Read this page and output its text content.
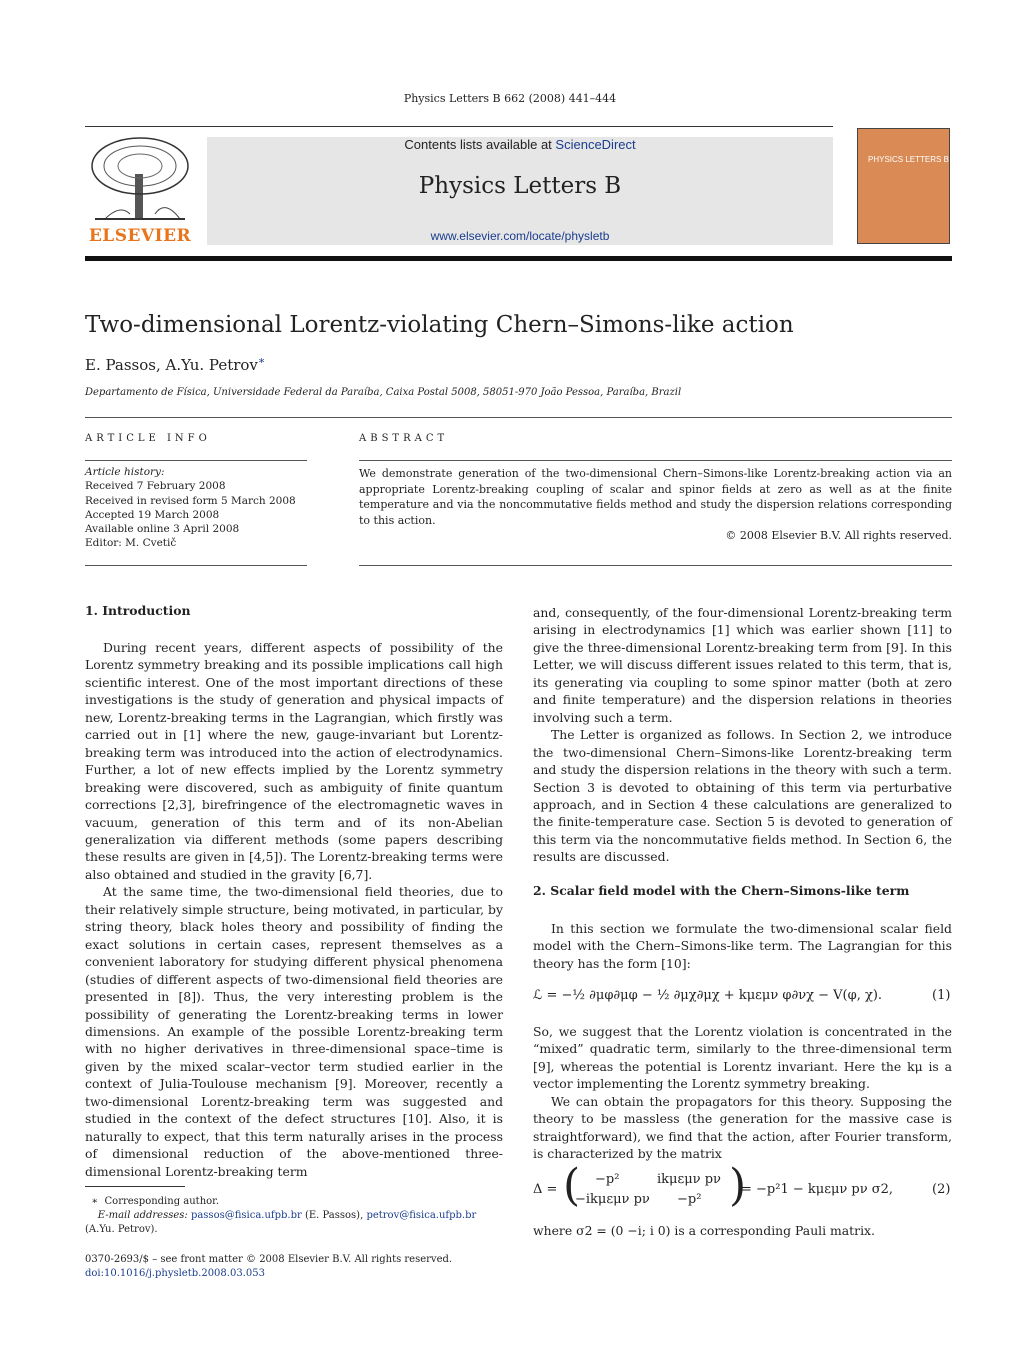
Physics Letters B 662 (2008) 441–444
ELSEVIER
Contents lists available at ScienceDirect
Physics Letters B
www.elsevier.com/locate/physletb
PHYSICS LETTERS B
Two-dimensional Lorentz-violating Chern–Simons-like action
E. Passos, A.Yu. Petrov∗
Departamento de Física, Universidade Federal da Paraíba, Caixa Postal 5008, 58051-970 João Pessoa, Paraíba, Brazil
ARTICLE INFO
Article history:
Received 7 February 2008
Received in revised form 5 March 2008
Accepted 19 March 2008
Available online 3 April 2008
Editor: M. Cvetič
ABSTRACT
We demonstrate generation of the two-dimensional Chern–Simons-like Lorentz-breaking action via an appropriate Lorentz-breaking coupling of scalar and spinor fields at zero as well as at the finite temperature and via the noncommutative fields method and study the dispersion relations corresponding to this action.
© 2008 Elsevier B.V. All rights reserved.
1. Introduction

During recent years, different aspects of possibility of the Lorentz symmetry breaking and its possible implications call high scientific interest. One of the most important directions of these investigations is the study of generation and physical impacts of new, Lorentz-breaking terms in the Lagrangian, which firstly was carried out in [1] where the new, gauge-invariant but Lorentz-breaking term was introduced into the action of electrodynamics. Further, a lot of new effects implied by the Lorentz symmetry breaking were discovered, such as ambiguity of finite quantum corrections [2,3], birefringence of the electromagnetic waves in vacuum, generation of this term and of its non-Abelian generalization via different methods (some papers describing these results are given in [4,5]). The Lorentz-breaking terms were also obtained and studied in the gravity [6,7].

At the same time, the two-dimensional field theories, due to their relatively simple structure, being motivated, in particular, by string theory, black holes theory and possibility of finding the exact solutions in certain cases, represent themselves as a convenient laboratory for studying different physical phenomena (studies of different aspects of two-dimensional field theories are presented in [8]). Thus, the very interesting problem is the possibility of generating the Lorentz-breaking terms in lower dimensions. An example of the possible Lorentz-breaking term with no higher derivatives in three-dimensional space–time is given by the mixed scalar–vector term studied earlier in the context of Julia-Toulouse mechanism [9]. Moreover, recently a two-dimensional Lorentz-breaking term was suggested and studied in the context of the defect structures [10]. Also, it is naturally to expect, that this term naturally arises in the process of dimensional reduction of the above-mentioned three-dimensional Lorentz-breaking term

∗ Corresponding author.
E-mail addresses: passos@fisica.ufpb.br (E. Passos), petrov@fisica.ufpb.br
(A.Yu. Petrov).
0370-2693/$ – see front matter © 2008 Elsevier B.V. All rights reserved.
doi:10.1016/j.physletb.2008.03.053

and, consequently, of the four-dimensional Lorentz-breaking term arising in electrodynamics [1] which was earlier shown [11] to give the three-dimensional Lorentz-breaking term from [9]. In this Letter, we will discuss different issues related to this term, that is, its generating via coupling to some spinor matter (both at zero and finite temperature) and the dispersion relations in theories involving such a term.

The Letter is organized as follows. In Section 2, we introduce the two-dimensional Chern–Simons-like Lorentz-breaking term and study the dispersion relations in the theory with such a term. Section 3 is devoted to obtaining of this term via perturbative approach, and in Section 4 these calculations are generalized to the finite-temperature case. Section 5 is devoted to generation of this term via the noncommutative fields method. In Section 6, the results are discussed.

2. Scalar field model with the Chern–Simons-like term

In this section we formulate the two-dimensional scalar field model with the Chern–Simons-like term. The Lagrangian for this theory has the form [10]:

ℒ = −½ ∂μφ∂μφ − ½ ∂μχ∂μχ + kμεμν φ∂νχ − V(φ, χ).	(1)

So, we suggest that the Lorentz violation is concentrated in the “mixed” quadratic term, similarly to the three-dimensional term [9], whereas the potential is Lorentz invariant. Here the kμ is a vector implementing the Lorentz symmetry breaking.

We can obtain the propagators for this theory. Supposing the theory to be massless (the generation for the massive case is straightforward), we find that the action, after Fourier transform, is characterized by the matrix

Δ = ( −p²	ikμεμν pν
−ikμεμν pν −p² )
= −p²1 − kμεμν pν σ2,	(2)

where σ2 = (0 −i; i 0) is a corresponding Pauli matrix.
